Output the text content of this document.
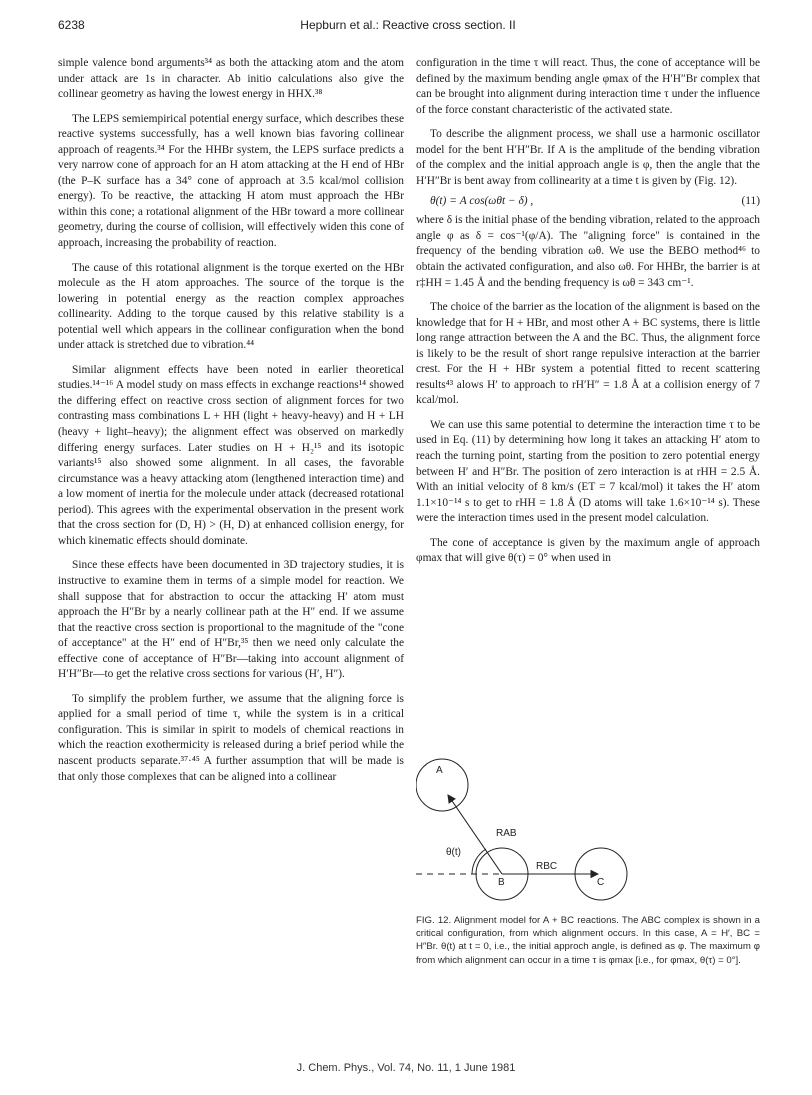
6238	Hepburn et al.: Reactive cross section. II

simple valence bond arguments³⁴ as both the attacking atom and the atom under attack are 1s in character. Ab initio calculations also give the collinear geometry as having the lowest energy in HHX.³⁸

The LEPS semiempirical potential energy surface, which describes these reactive systems successfully, has a well known bias favoring collinear approach of reagents.³⁴ For the HHBr system, the LEPS surface predicts a very narrow cone of approach for an H atom attacking at the H end of HBr (the P–K surface has a 34° cone of approach at 3.5 kcal/mol collision energy). To be reactive, the attacking H atom must approach the HBr within this cone; a rotational alignment of the HBr toward a more collinear geometry, during the course of collision, will effectively widen this cone of approach, increasing the probability of reaction.

The cause of this rotational alignment is the torque exerted on the HBr molecule as the H atom approaches. The source of the torque is the lowering in potential energy as the reaction complex approaches collinearity. Adding to the torque caused by this relative stability is a potential well which appears in the collinear configuration when the bond under attack is stretched due to vibration.⁴⁴

Similar alignment effects have been noted in earlier theoretical studies.¹⁴⁻¹⁶ A model study on mass effects in exchange reactions¹⁴ showed the differing effect on reactive cross section of alignment forces for two contrasting mass combinations L + HH (light + heavy-heavy) and H + LH (heavy + light–heavy); the alignment effect was observed on markedly differing energy surfaces. Later studies on H + H₂¹⁵ and its isotopic variants¹⁵ also showed some alignment. In all cases, the favorable circumstance was a heavy attacking atom (lengthened interaction time) and a low moment of inertia for the molecule under attack (decreased rotational period). This agrees with the experimental observation in the present work that the cross section for (D, H) > (H, D) at enhanced collision energy, for which kinematic effects should dominate.

Since these effects have been documented in 3D trajectory studies, it is instructive to examine them in terms of a simple model for reaction. We shall suppose that for abstraction to occur the attacking H′ atom must approach the H″Br by a nearly collinear path at the H″ end. If we assume that the reactive cross section is proportional to the magnitude of the "cone of acceptance" at the H″ end of H″Br,³⁵ then we need only calculate the effective cone of acceptance of H″Br—taking into account alignment of H′H″Br—to get the relative cross sections for various (H′, H″).

To simplify the problem further, we assume that the aligning force is applied for a small period of time τ, while the system is in a critical configuration. This is similar in spirit to models of chemical reactions in which the reaction exothermicity is released during a brief period while the nascent products separate.³⁷·⁴⁵ A further assumption that will be made is that only those complexes that can be aligned into a collinear

configuration in the time τ will react. Thus, the cone of acceptance will be defined by the maximum bending angle φmax of the H′H″Br complex that can be brought into alignment during interaction time τ under the influence of the force constant characteristic of the activated state.

To describe the alignment process, we shall use a harmonic oscillator model for the bent H′H″Br. If A is the amplitude of the bending vibration of the complex and the initial approach angle is φ, then the angle that the H′H″Br is bent away from collinearity at a time t is given by (Fig. 12).

θ(t) = A cos(ωθt − δ) ,	(11)

where δ is the initial phase of the bending vibration, related to the approach angle φ as δ = cos⁻¹(φ/A). The "aligning force" is contained in the frequency of the bending vibration ωθ. We use the BEBO method⁴⁶ to obtain the activated configuration, and also ωθ. For HHBr, the barrier is at r‡HH = 1.45 Å and the bending frequency is ωθ = 343 cm⁻¹.

The choice of the barrier as the location of the alignment is based on the knowledge that for H + HBr, and most other A + BC systems, there is little long range attraction between the A and the BC. Thus, the alignment force is likely to be the result of short range repulsive interaction at the barrier crest. For the H + HBr system a potential fitted to recent scattering results⁴³ alows H′ to approach to rH′H″ = 1.8 Å at a collision energy of 7 kcal/mol.

We can use this same potential to determine the interaction time τ to be used in Eq. (11) by determining how long it takes an attacking H′ atom to reach the turning point, starting from the position to zero potential energy between H′ and H″Br. The position of zero interaction is at rHH = 2.5 Å. With an initial velocity of 8 km/s (ET = 7 kcal/mol) it takes the H′ atom 1.1×10⁻¹⁴ s to get to rHH = 1.8 Å (D atoms will take 1.6×10⁻¹⁴ s). These were the interaction times used in the present model calculation.

The cone of acceptance is given by the maximum angle of approach φmax that will give θ(τ) = 0° when used in

A
B	C
RAB
RBC
θ(t)
FIG. 12. Alignment model for A + BC reactions. The ABC complex is shown in a critical configuration, from which alignment occurs. In this case, A = H′, BC = H″Br. θ(t) at t = 0, i.e., the initial approch angle, is defined as φ. The maximum φ from which alignment can occur in a time τ is φmax [i.e., for φmax, θ(τ) = 0°].
J. Chem. Phys., Vol. 74, No. 11, 1 June 1981
